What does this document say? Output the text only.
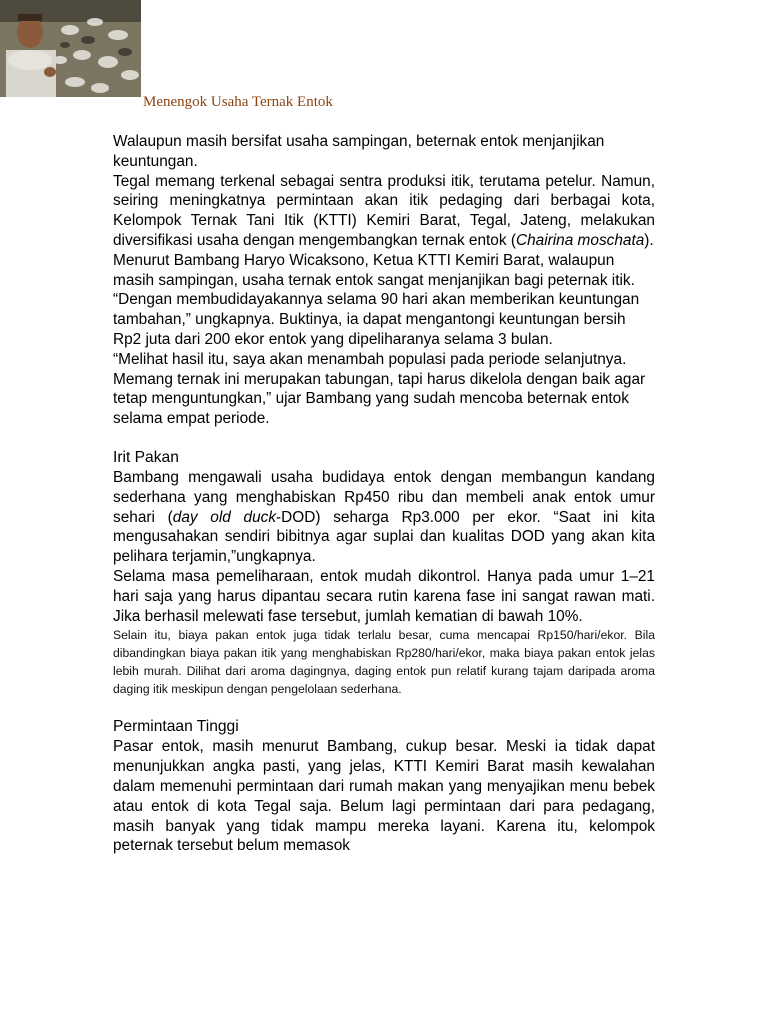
Menengok Usaha Ternak Entok

Walaupun masih bersifat usaha sampingan, beternak entok menjanjikan keuntungan.

Tegal memang terkenal sebagai sentra produksi itik, terutama petelur. Namun, seiring meningkatnya permintaan akan itik pedaging dari berbagai kota, Kelompok Ternak Tani Itik (KTTI) Kemiri Barat, Tegal, Jateng, melakukan diversifikasi usaha dengan mengembangkan ternak entok (Chairina moschata).

Menurut Bambang Haryo Wicaksono, Ketua KTTI Kemiri Barat, walaupun masih sampingan, usaha ternak entok sangat menjanjikan bagi peternak itik. “Dengan membudidayakannya selama 90 hari akan memberikan keuntungan tambahan,” ungkapnya. Buktinya, ia dapat mengantongi keuntungan bersih Rp2 juta dari 200 ekor entok yang dipeliharanya selama 3 bulan.

“Melihat hasil itu, saya akan menambah populasi pada periode selanjutnya. Memang ternak ini merupakan tabungan, tapi harus dikelola dengan baik agar tetap menguntungkan,” ujar Bambang yang sudah mencoba beternak entok selama empat periode.

Irit Pakan

Bambang mengawali usaha budidaya entok dengan membangun kandang sederhana yang menghabiskan Rp450 ribu dan membeli anak entok umur sehari (day old duck-DOD) seharga Rp3.000 per ekor. “Saat ini kita mengusahakan sendiri bibitnya agar suplai dan kualitas DOD yang akan kita pelihara terjamin,”ungkapnya.

Selama masa pemeliharaan, entok mudah dikontrol. Hanya pada umur 1–21 hari saja yang harus dipantau secara rutin karena fase ini sangat rawan mati. Jika berhasil melewati fase tersebut, jumlah kematian di bawah 10%.

Selain itu, biaya pakan entok juga tidak terlalu besar, cuma mencapai Rp150/hari/ekor. Bila dibandingkan biaya pakan itik yang menghabiskan Rp280/hari/ekor, maka biaya pakan entok jelas lebih murah. Dilihat dari aroma dagingnya, daging entok pun relatif kurang tajam daripada aroma daging itik meskipun dengan pengelolaan sederhana.

Permintaan Tinggi

Pasar entok, masih menurut Bambang, cukup besar. Meski ia tidak dapat menunjukkan angka pasti, yang jelas, KTTI Kemiri Barat masih kewalahan dalam memenuhi permintaan dari rumah makan yang menyajikan menu bebek atau entok di kota Tegal saja. Belum lagi permintaan dari para pedagang, masih banyak yang tidak mampu mereka layani. Karena itu, kelompok peternak tersebut belum memasok
